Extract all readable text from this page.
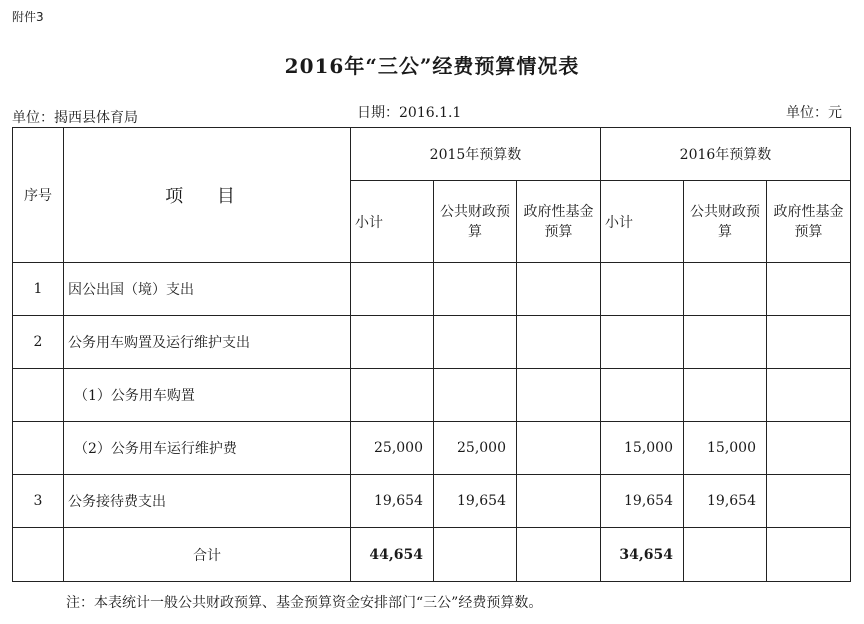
附件3
2016年“三公”经费预算情况表
单位：揭西县体育局	日期：2016.1.1	单位：元
序号	项 目	2015年预算数			2016年预算数		
		小计	公共财政预算	政府性基金预算	小计	公共财政预算	政府性基金预算
1	因公出国（境）支出						
2	公务用车购置及运行维护支出						
	（1）公务用车购置						
	（2）公务用车运行维护费	25,000	25,000		15,000	15,000	
3	公务接待费支出	19,654	19,654		19,654	19,654	
	合计	44,654			34,654		
注：本表统计一般公共财政预算、基金预算资金安排部门“三公”经费预算数。
